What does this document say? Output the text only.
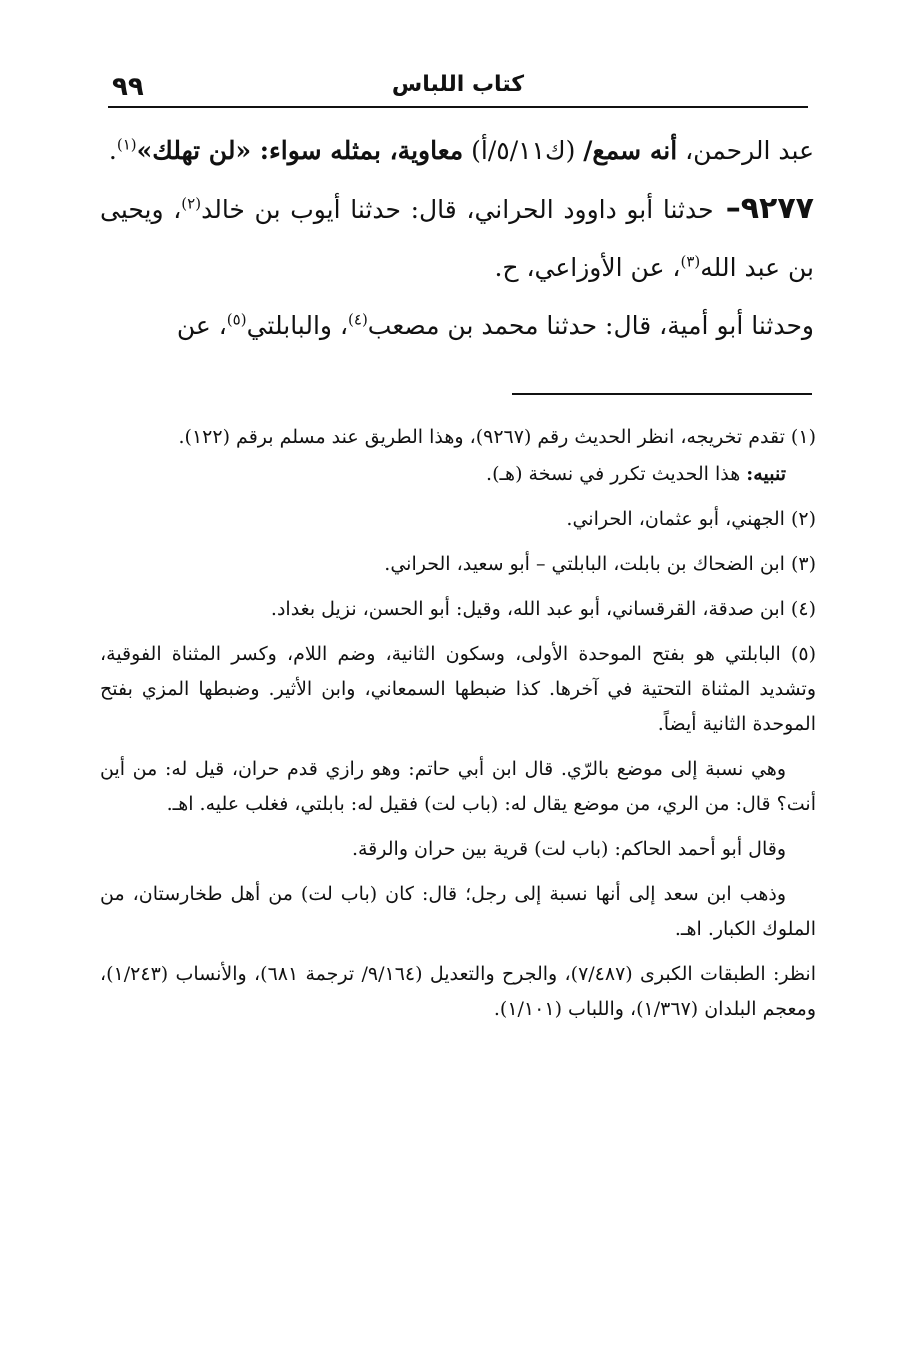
كتاب اللباس
٩٩

عبد الرحمن، أنه سمع/ (ك٥/١١/أ) معاوية، بمثله سواء: «لن تهلك»$^{(١)}$.

٩٢٧٧– حدثنا أبو داوود الحراني، قال: حدثنا أيوب بن خالد$^{(٢)}$، ويحيى بن عبد الله$^{(٣)}$، عن الأوزاعي، ح.

وحدثنا أبو أمية، قال: حدثنا محمد بن مصعب$^{(٤)}$، والبابلتي$^{(٥)}$، عن

(١) تقدم تخريجه، انظر الحديث رقم (٩٢٦٧)، وهذا الطريق عند مسلم برقم (١٢٢).

تنبيه: هذا الحديث تكرر في نسخة (هـ).

(٢) الجهني، أبو عثمان، الحراني.

(٣) ابن الضحاك بن بابلت، البابلتي – أبو سعيد، الحراني.

(٤) ابن صدقة، القرقساني، أبو عبد الله، وقيل: أبو الحسن، نزيل بغداد.

(٥) البابلتي هو بفتح الموحدة الأولى، وسكون الثانية، وضم اللام، وكسر المثناة الفوقية، وتشديد المثناة التحتية في آخرها. كذا ضبطها السمعاني، وابن الأثير. وضبطها المزي بفتح الموحدة الثانية أيضاً.

وهي نسبة إلى موضع بالرّي. قال ابن أبي حاتم: وهو رازي قدم حران، قيل له: من أين أنت؟ قال: من الري، من موضع يقال له: (باب لت) فقيل له: بابلتي، فغلب عليه. اهـ.

وقال أبو أحمد الحاكم: (باب لت) قرية بين حران والرقة.

وذهب ابن سعد إلى أنها نسبة إلى رجل؛ قال: كان (باب لت) من أهل طخارستان، من الملوك الكبار. اهـ.

انظر: الطبقات الكبرى (٧/٤٨٧)، والجرح والتعديل (٩/١٦٤/ ترجمة ٦٨١)، والأنساب (١/٢٤٣)، ومعجم البلدان (١/٣٦٧)، واللباب (١/١٠١).
